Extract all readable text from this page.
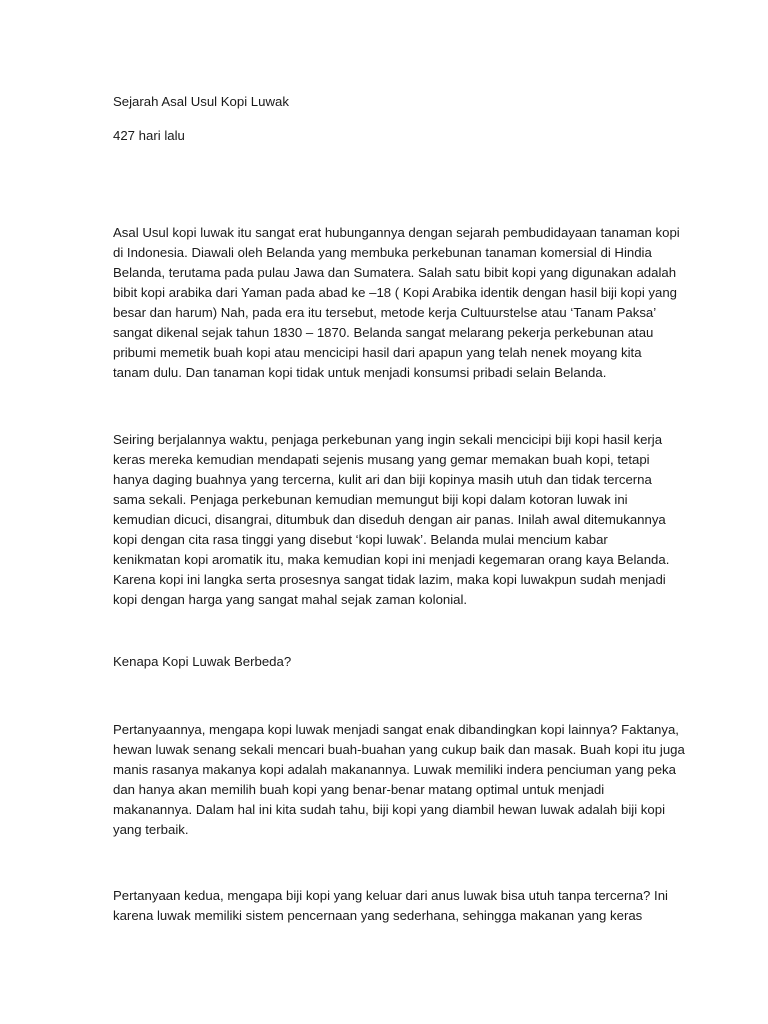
Sejarah Asal Usul Kopi Luwak

427 hari lalu

Asal Usul kopi luwak itu sangat erat hubungannya dengan sejarah pembudidayaan tanaman kopi

di Indonesia. Diawali oleh Belanda yang membuka perkebunan tanaman komersial di Hindia

Belanda, terutama pada pulau Jawa dan Sumatera. Salah satu bibit kopi yang digunakan adalah

bibit kopi arabika dari Yaman pada abad ke –18 ( Kopi Arabika identik dengan hasil biji kopi yang

besar dan harum) Nah, pada era itu tersebut, metode kerja Cultuurstelse atau ‘Tanam Paksa’

sangat dikenal sejak tahun 1830 – 1870. Belanda sangat melarang pekerja perkebunan atau

pribumi memetik buah kopi atau mencicipi hasil dari apapun yang telah nenek moyang kita

tanam dulu. Dan tanaman kopi tidak untuk menjadi konsumsi pribadi selain Belanda.

Seiring berjalannya waktu, penjaga perkebunan yang ingin sekali mencicipi biji kopi hasil kerja

keras mereka kemudian mendapati sejenis musang yang gemar memakan buah kopi, tetapi

hanya daging buahnya yang tercerna, kulit ari dan biji kopinya masih utuh dan tidak tercerna

sama sekali. Penjaga perkebunan kemudian memungut biji kopi dalam kotoran luwak ini

kemudian dicuci, disangrai, ditumbuk dan diseduh dengan air panas. Inilah awal ditemukannya

kopi dengan cita rasa tinggi yang disebut ‘kopi luwak’. Belanda mulai mencium kabar

kenikmatan kopi aromatik itu, maka kemudian kopi ini menjadi kegemaran orang kaya Belanda.

Karena kopi ini langka serta prosesnya sangat tidak lazim, maka kopi luwakpun sudah menjadi

kopi dengan harga yang sangat mahal sejak zaman kolonial.

Kenapa Kopi Luwak Berbeda?

Pertanyaannya, mengapa kopi luwak menjadi sangat enak dibandingkan kopi lainnya? Faktanya,

hewan luwak senang sekali mencari buah-buahan yang cukup baik dan masak. Buah kopi itu juga

manis rasanya makanya kopi adalah makanannya. Luwak memiliki indera penciuman yang peka

dan hanya akan memilih buah kopi yang benar-benar matang optimal untuk menjadi

makanannya. Dalam hal ini kita sudah tahu, biji kopi yang diambil hewan luwak adalah biji kopi

yang terbaik.

Pertanyaan kedua, mengapa biji kopi yang keluar dari anus luwak bisa utuh tanpa tercerna? Ini

karena luwak memiliki sistem pencernaan yang sederhana, sehingga makanan yang keras
